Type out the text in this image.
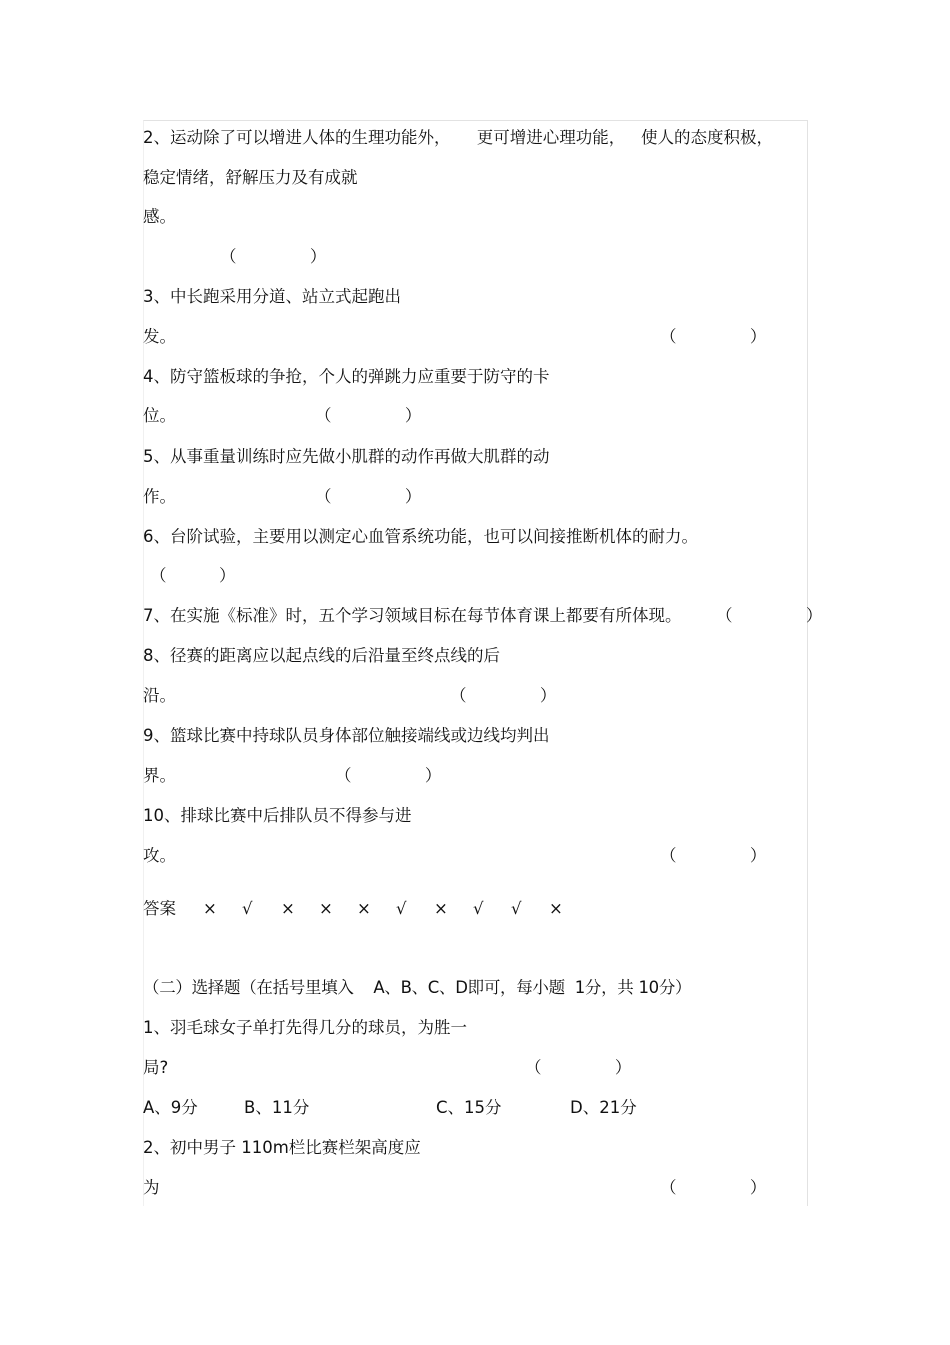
2、运动除了可以增进人体的生理功能外，     更可增进心理功能，   使人的态度积极，
稳定情绪，舒解压力及有成就
感。
（              ）
3、中长跑采用分道、站立式起跑出
发。	（              ）
4、防守篮板球的争抢，个人的弹跳力应重要于防守的卡
位。	（              ）
5、从事重量训练时应先做小肌群的动作再做大肌群的动
作。	（              ）
6、台阶试验，主要用以测定心血管系统功能，也可以间接推断机体的耐力。
（          ）
7、在实施《标准》时，五个学习领域目标在每节体育课上都要有所体现。 （              ）
8、径赛的距离应以起点线的后沿量至终点线的后
沿。	（              ）
9、篮球比赛中持球队员身体部位触接端线或边线均判出
界。	（              ）
10、排球比赛中后排队员不得参与进
攻。	（              ）

答案

×

√

×

×

×

√

×

√

√

×

（二）选择题（在括号里填入    A、B、C、D即可，每小题  1分，共 10分）
1、羽毛球女子单打先得几分的球员，为胜一
局?	（              ）
A、9分	B、11分	C、15分	D、21分
2、初中男子 110m栏比赛栏架高度应
为	（              ）
